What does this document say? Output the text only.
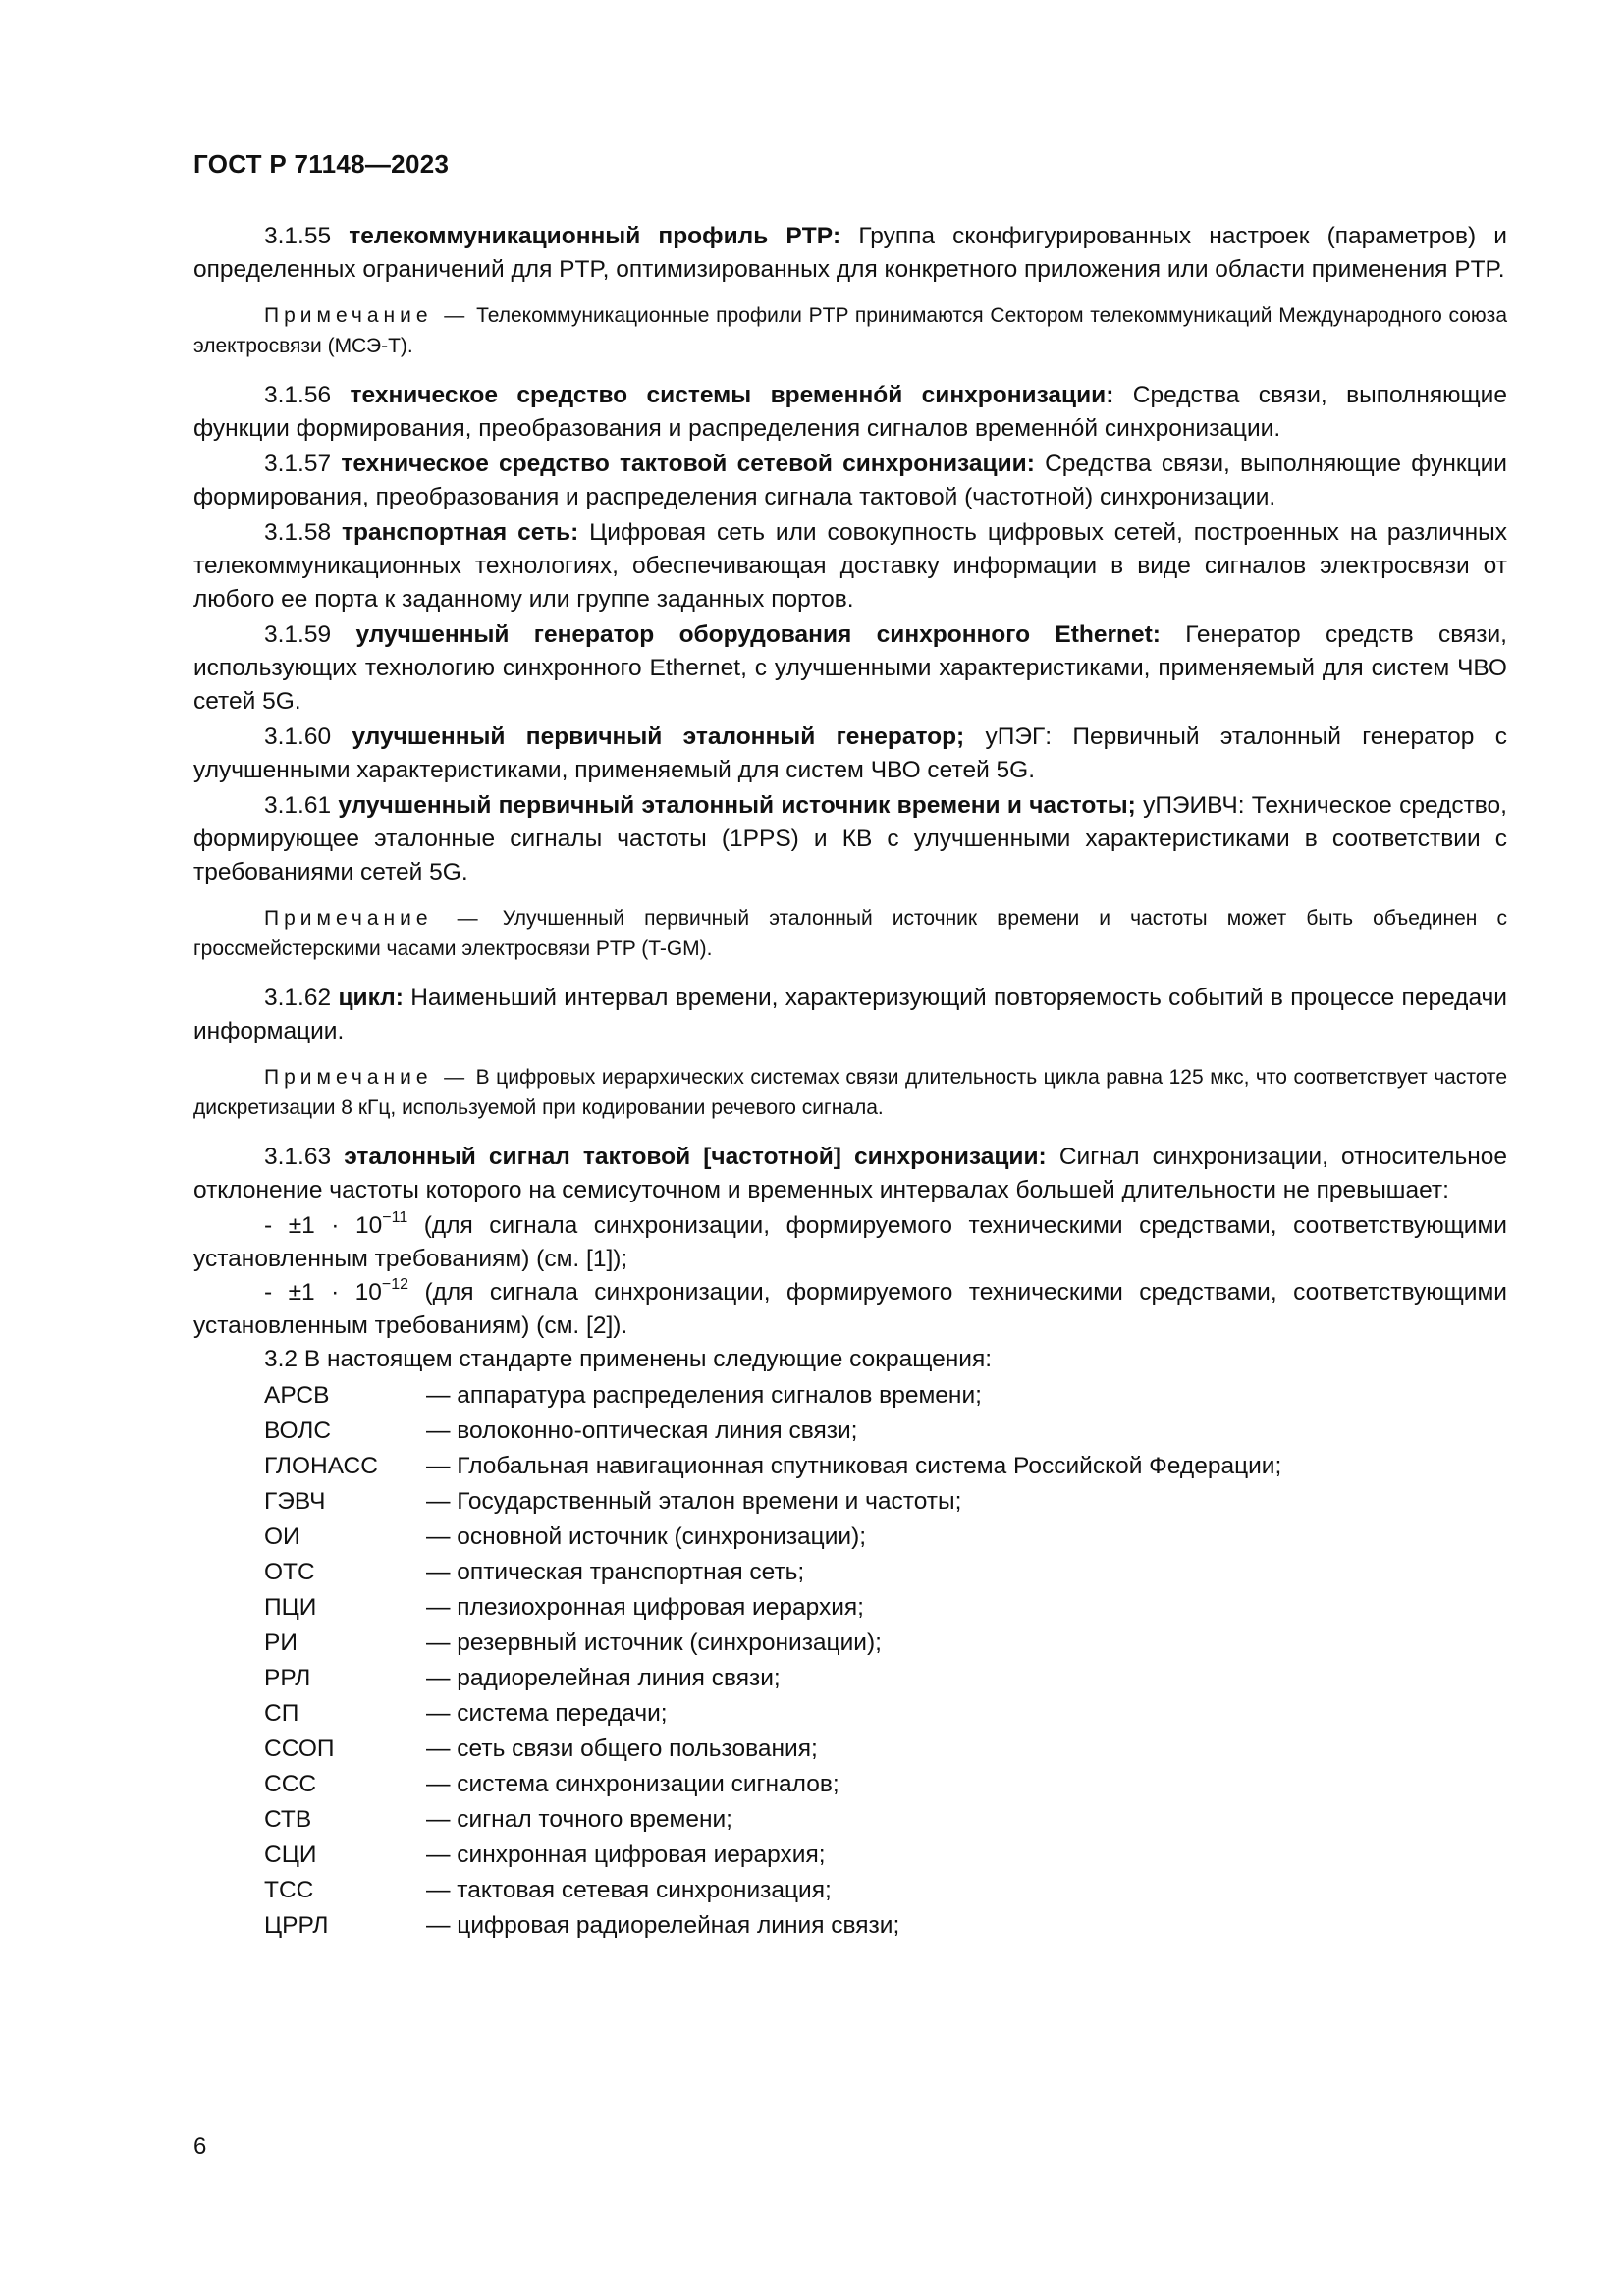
ГОСТ Р 71148—2023

3.1.55 телекоммуникационный профиль PTP: Группа сконфигурированных настроек (параметров) и определенных ограничений для PTP, оптимизированных для конкретного приложения или области применения PTP.

Примечание — Телекоммуникационные профили PTP принимаются Сектором телекоммуникаций Международного союза электросвязи (МСЭ-Т).

3.1.56 техническое средство системы временнóй синхронизации: Средства связи, выполняющие функции формирования, преобразования и распределения сигналов временнóй синхронизации.

3.1.57 техническое средство тактовой сетевой синхронизации: Средства связи, выполняющие функции формирования, преобразования и распределения сигнала тактовой (частотной) синхронизации.

3.1.58 транспортная сеть: Цифровая сеть или совокупность цифровых сетей, построенных на различных телекоммуникационных технологиях, обеспечивающая доставку информации в виде сигналов электросвязи от любого ее порта к заданному или группе заданных портов.

3.1.59 улучшенный генератор оборудования синхронного Ethernet: Генератор средств связи, использующих технологию синхронного Ethernet, с улучшенными характеристиками, применяемый для систем ЧВО сетей 5G.

3.1.60 улучшенный первичный эталонный генератор; уПЭГ: Первичный эталонный генератор с улучшенными характеристиками, применяемый для систем ЧВО сетей 5G.

3.1.61 улучшенный первичный эталонный источник времени и частоты; уПЭИВЧ: Техническое средство, формирующее эталонные сигналы частоты (1PPS) и КВ с улучшенными характеристиками в соответствии с требованиями сетей 5G.

Примечание — Улучшенный первичный эталонный источник времени и частоты может быть объединен с гроссмейстерскими часами электросвязи PTP (T-GM).

3.1.62 цикл: Наименьший интервал времени, характеризующий повторяемость событий в процессе передачи информации.

Примечание — В цифровых иерархических системах связи длительность цикла равна 125 мкс, что соответствует частоте дискретизации 8 кГц, используемой при кодировании речевого сигнала.

3.1.63 эталонный сигнал тактовой [частотной] синхронизации: Сигнал синхронизации, относительное отклонение частоты которого на семисуточном и временных интервалах большей длительности не превышает:

- $\pm 1 \cdot 10^{-11}$ (для сигнала синхронизации, формируемого техническими средствами, соответствующими установленным требованиям) (см. [1]);

- $\pm 1 \cdot 10^{-12}$ (для сигнала синхронизации, формируемого техническими средствами, соответствующими установленным требованиям) (см. [2]).

3.2 В настоящем стандарте применены следующие сокращения:

АРСВ	— аппаратура распределения сигналов времени;
ВОЛС	— волоконно-оптическая линия связи;
ГЛОНАСС	— Глобальная навигационная спутниковая система Российской Федерации;
ГЭВЧ	— Государственный эталон времени и частоты;
ОИ	— основной источник (синхронизации);
ОТС	— оптическая транспортная сеть;
ПЦИ	— плезиохронная цифровая иерархия;
РИ	— резервный источник (синхронизации);
РРЛ	— радиорелейная линия связи;
СП	— система передачи;
ССОП	— сеть связи общего пользования;
ССС	— система синхронизации сигналов;
СТВ	— сигнал точного времени;
СЦИ	— синхронная цифровая иерархия;
ТСС	— тактовая сетевая синхронизация;
ЦРРЛ	— цифровая радиорелейная линия связи;
6
